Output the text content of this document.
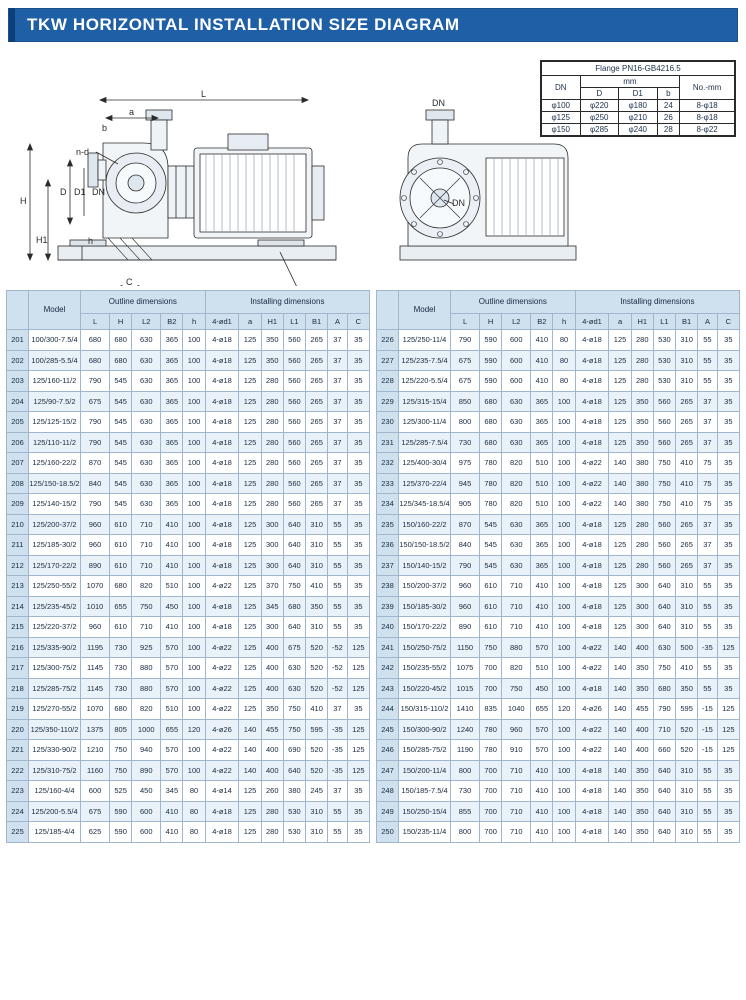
TKW HORIZONTAL INSTALLATION SIZE DIAGRAM
L
a
n-d
D D1 DN
H
H1	h
C
b
DN
DN
Flange PN16-GB4216.5				
DN	mm			No.-mm
	D	D1	b	
φ100	φ220	φ180	24	8-φ18
φ125	φ250	φ210	26	8-φ18
φ150	φ285	φ240	28	8-φ22
	Model	Outline dimensions					Installing dimensions						
		L	H	L2	B2	h	4-ød1	a	H1	L1	B1	A	C
201	100/300-7.5/4	680	680	630	365	100	4-ø18	125	350	560	265	37	35
202	100/285-5.5/4	680	680	630	365	100	4-ø18	125	350	560	265	37	35
203	125/160-11/2	790	545	630	365	100	4-ø18	125	280	560	265	37	35
204	125/90-7.5/2	675	545	630	365	100	4-ø18	125	280	560	265	37	35
205	125/125-15/2	790	545	630	365	100	4-ø18	125	280	560	265	37	35
206	125/110-11/2	790	545	630	365	100	4-ø18	125	280	560	265	37	35
207	125/160-22/2	870	545	630	365	100	4-ø18	125	280	560	265	37	35
208	125/150-18.5/2	840	545	630	365	100	4-ø18	125	280	560	265	37	35
209	125/140-15/2	790	545	630	365	100	4-ø18	125	280	560	265	37	35
210	125/200-37/2	960	610	710	410	100	4-ø18	125	300	640	310	55	35
211	125/185-30/2	960	610	710	410	100	4-ø18	125	300	640	310	55	35
212	125/170-22/2	890	610	710	410	100	4-ø18	125	300	640	310	55	35
213	125/250-55/2	1070	680	820	510	100	4-ø22	125	370	750	410	55	35
214	125/235-45/2	1010	655	750	450	100	4-ø18	125	345	680	350	55	35
215	125/220-37/2	960	610	710	410	100	4-ø18	125	300	640	310	55	35
216	125/335-90/2	1195	730	925	570	100	4-ø22	125	400	675	520	-52	125
217	125/300-75/2	1145	730	880	570	100	4-ø22	125	400	630	520	-52	125
218	125/285-75/2	1145	730	880	570	100	4-ø22	125	400	630	520	-52	125
219	125/270-55/2	1070	680	820	510	100	4-ø22	125	350	750	410	37	35
220	125/350-110/2	1375	805	1000	655	120	4-ø26	140	455	750	595	-35	125
221	125/330-90/2	1210	750	940	570	100	4-ø22	140	400	690	520	-35	125
222	125/310-75/2	1160	750	890	570	100	4-ø22	140	400	640	520	-35	125
223	125/160-4/4	600	525	450	345	80	4-ø14	125	260	380	245	37	35
224	125/200-5.5/4	675	590	600	410	80	4-ø18	125	280	530	310	55	35
225	125/185-4/4	625	590	600	410	80	4-ø18	125	280	530	310	55	35
	Model	Outline dimensions					Installing dimensions						
		L	H	L2	B2	h	4-ød1	a	H1	L1	B1	A	C
226	125/250-11/4	790	590	600	410	80	4-ø18	125	280	530	310	55	35
227	125/235-7.5/4	675	590	600	410	80	4-ø18	125	280	530	310	55	35
228	125/220-5.5/4	675	590	600	410	80	4-ø18	125	280	530	310	55	35
229	125/315-15/4	850	680	630	365	100	4-ø18	125	350	560	265	37	35
230	125/300-11/4	800	680	630	365	100	4-ø18	125	350	560	265	37	35
231	125/285-7.5/4	730	680	630	365	100	4-ø18	125	350	560	265	37	35
232	125/400-30/4	975	780	820	510	100	4-ø22	140	380	750	410	75	35
233	125/370-22/4	945	780	820	510	100	4-ø22	140	380	750	410	75	35
234	125/345-18.5/4	905	780	820	510	100	4-ø22	140	380	750	410	75	35
235	150/160-22/2	870	545	630	365	100	4-ø18	125	280	560	265	37	35
236	150/150-18.5/2	840	545	630	365	100	4-ø18	125	280	560	265	37	35
237	150/140-15/2	790	545	630	365	100	4-ø18	125	280	560	265	37	35
238	150/200-37/2	960	610	710	410	100	4-ø18	125	300	640	310	55	35
239	150/185-30/2	960	610	710	410	100	4-ø18	125	300	640	310	55	35
240	150/170-22/2	890	610	710	410	100	4-ø18	125	300	640	310	55	35
241	150/250-75/2	1150	750	880	570	100	4-ø22	140	400	630	500	-35	125
242	150/235-55/2	1075	700	820	510	100	4-ø22	140	350	750	410	55	35
243	150/220-45/2	1015	700	750	450	100	4-ø18	140	350	680	350	55	35
244	150/315-110/2	1410	835	1040	655	120	4-ø26	140	455	790	595	-15	125
245	150/300-90/2	1240	780	960	570	100	4-ø22	140	400	710	520	-15	125
246	150/285-75/2	1190	780	910	570	100	4-ø22	140	400	660	520	-15	125
247	150/200-11/4	800	700	710	410	100	4-ø18	140	350	640	310	55	35
248	150/185-7.5/4	730	700	710	410	100	4-ø18	140	350	640	310	55	35
249	150/250-15/4	855	700	710	410	100	4-ø18	140	350	640	310	55	35
250	150/235-11/4	800	700	710	410	100	4-ø18	140	350	640	310	55	35
